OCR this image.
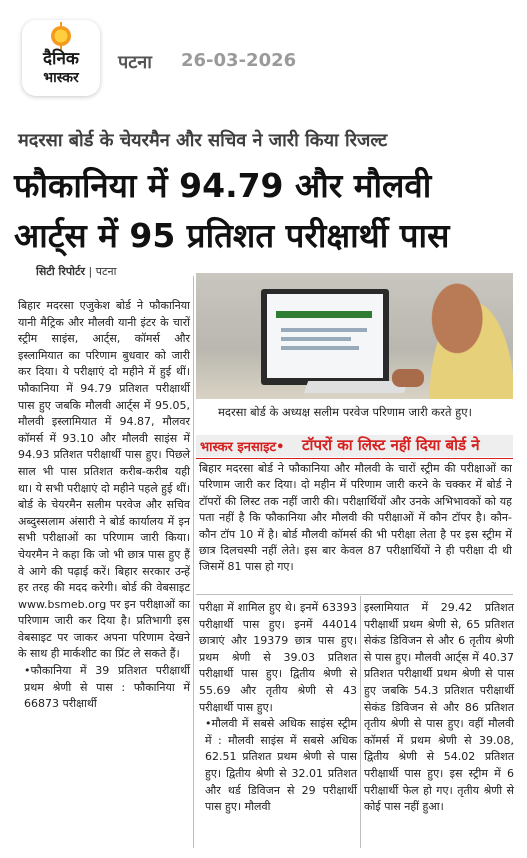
दैनिक
भास्कर
पटना 26-03-2026
मदरसा बोर्ड के चेयरमैन और सचिव ने जारी किया रिजल्ट
फौकानिया में 94.79 और मौलवी
आर्ट्स में 95 प्रतिशत परीक्षार्थी पास
सिटी रिपोर्टर | पटना
मदरसा बोर्ड के अध्यक्ष सलीम परवेज परिणाम जारी करते हुए।
भास्कर इनसाइट• टॉपरों का लिस्ट नहीं दिया बोर्ड ने
बिहार मदरसा बोर्ड ने फौकानिया और मौलवी के चारों स्ट्रीम की परीक्षाओं का परिणाम जारी कर दिया। दो महीन में परिणाम जारी करने के चक्कर में बोर्ड ने टॉपरों की लिस्ट तक नहीं जारी की। परीक्षार्थियों और उनके अभिभावकों को यह पता नहीं है कि फौकानिया और मौलवी की परीक्षाओं में कौन टॉपर है। कौन-कौन टॉप 10 में है। बोर्ड मौलवी कॉमर्स की भी परीक्षा लेता है पर इस स्ट्रीम में छात्र दिलचस्पी नहीं लेते। इस बार केवल 87 परीक्षार्थियों ने ही परीक्षा दी थी जिसमें 81 पास हो गए।

बिहार मदरसा एजुकेश बोर्ड ने फौकानिया यानी मैट्रिक और मौलवी यानी इंटर के चारों स्ट्रीम साइंस, आर्ट्स, कॉमर्स और इस्लामियात का परिणाम बुधवार को जारी कर दिया। ये परीक्षाएं दो महीने में हुई थीं। फौकानिया में 94.79 प्रतिशत परीक्षार्थी पास हुए जबकि मौलवी आर्ट्स में 95.05, मौलवी इस्लामियात में 94.87, मौलवर कॉमर्स में 93.10 और मौलवी साइंस में 94.93 प्रतिशत परीक्षार्थी पास हुए। पिछले साल भी पास प्रतिशत करीब-करीब यही था। ये सभी परीक्षाएं दो महीने पहले हुई थीं। बोर्ड के चेयरमैन सलीम परवेज और सचिव अब्दुस्सलाम अंसारी ने बोर्ड कार्यालय में इन सभी परीक्षाओं का परिणाम जारी किया। चेयरमैन ने कहा कि जो भी छात्र पास हुए हैं वे आगे की पढ़ाई करें। बिहार सरकार उन्हें हर तरह की मदद करेगी। बोर्ड की वेबसाइट www.bsmeb.org पर इन परीक्षाओं का परिणाम जारी कर दिया है। प्रतिभागी इस वेबसाइट पर जाकर अपना परिणाम देखने के साथ ही मार्कशीट का प्रिंट ले सकते हैं।

•फौकानिया में 39 प्रतिशत परीक्षार्थी प्रथम श्रेणी से पास : फौकानिया में 66873 परीक्षार्थी

परीक्षा में शामिल हुए थे। इनमें 63393 परीक्षार्थी पास हुए। इनमें 44014 छात्राएं और 19379 छात्र पास हुए। प्रथम श्रेणी से 39.03 प्रतिशत परीक्षार्थी पास हुए। द्वितीय श्रेणी से 55.69 और तृतीय श्रेणी से 43 परीक्षार्थी पास हुए।

•मौलवी में सबसे अधिक साइंस स्ट्रीम में : मौलवी साइंस में सबसे अधिक 62.51 प्रतिशत प्रथम श्रेणी से पास हुए। द्वितीय श्रेणी से 32.01 प्रतिशत और थर्ड डिविजन से 29 परीक्षार्थी पास हुए। मौलवी

इस्लामियात में 29.42 प्रतिशत परीक्षार्थी प्रथम श्रेणी से, 65 प्रतिशत सेकंड डिविजन से और 6 तृतीय श्रेणी से पास हुए। मौलवी आर्ट्स में 40.37 प्रतिशत परीक्षार्थी प्रथम श्रेणी से पास हुए जबकि 54.3 प्रतिशत परीक्षार्थी सेकंड डिविजन से और 86 प्रतिशत तृतीय श्रेणी से पास हुए। वहीं मौलवी कॉमर्स में प्रथम श्रेणी से 39.08, द्वितीय श्रेणी से 54.02 प्रतिशत परीक्षार्थी पास हुए। इस स्ट्रीम में 6 परीक्षार्थी फेल हो गए। तृतीय श्रेणी से कोई पास नहीं हुआ।
